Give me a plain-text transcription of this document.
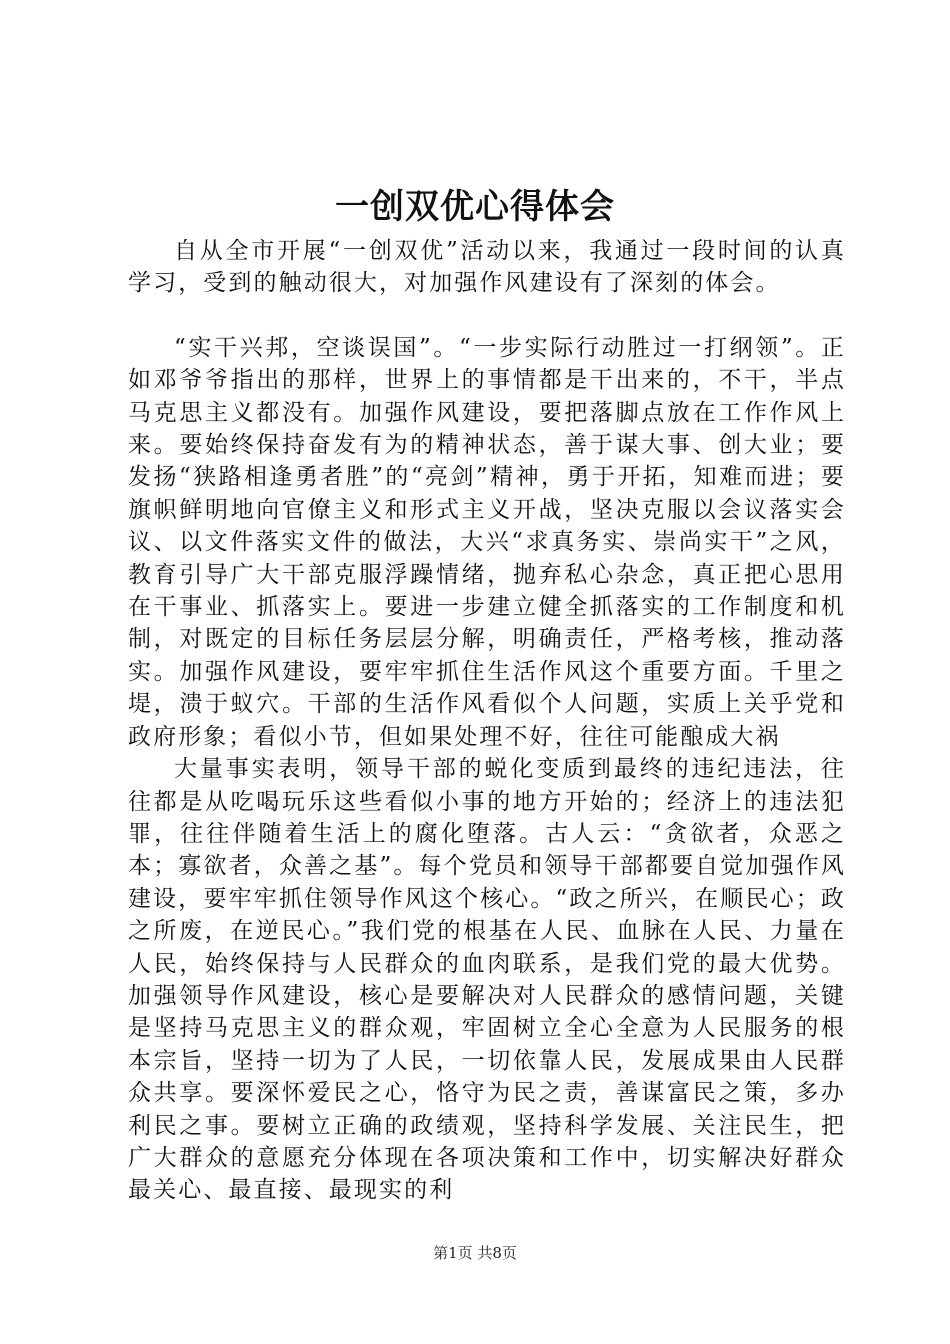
一创双优心得体会

自从全市开展“一创双优”活动以来，我通过一段时间的认真学习，受到的触动很大，对加强作风建设有了深刻的体会。

“实干兴邦，空谈误国”。“一步实际行动胜过一打纲领”。正如邓爷爷指出的那样，世界上的事情都是干出来的，不干，半点马克思主义都没有。加强作风建设，要把落脚点放在工作作风上来。要始终保持奋发有为的精神状态，善于谋大事、创大业；要发扬“狭路相逢勇者胜”的“亮剑”精神，勇于开拓，知难而进；要旗帜鲜明地向官僚主义和形式主义开战，坚决克服以会议落实会议、以文件落实文件的做法，大兴“求真务实、崇尚实干”之风，教育引导广大干部克服浮躁情绪，抛弃私心杂念，真正把心思用在干事业、抓落实上。要进一步建立健全抓落实的工作制度和机制，对既定的目标任务层层分解，明确责任，严格考核，推动落实。加强作风建设，要牢牢抓住生活作风这个重要方面。千里之堤，溃于蚁穴。干部的生活作风看似个人问题，实质上关乎党和政府形象；看似小节，但如果处理不好，往往可能酿成大祸

大量事实表明，领导干部的蜕化变质到最终的违纪违法，往往都是从吃喝玩乐这些看似小事的地方开始的；经济上的违法犯罪，往往伴随着生活上的腐化堕落。古人云：“贪欲者，众恶之本；寡欲者，众善之基”。每个党员和领导干部都要自觉加强作风建设，要牢牢抓住领导作风这个核心。“政之所兴，在顺民心；政之所废，在逆民心。”我们党的根基在人民、血脉在人民、力量在人民，始终保持与人民群众的血肉联系，是我们党的最大优势。加强领导作风建设，核心是要解决对人民群众的感情问题，关键是坚持马克思主义的群众观，牢固树立全心全意为人民服务的根本宗旨，坚持一切为了人民，一切依靠人民，发展成果由人民群众共享。要深怀爱民之心，恪守为民之责，善谋富民之策，多办利民之事。要树立正确的政绩观，坚持科学发展、关注民生，把广大群众的意愿充分体现在各项决策和工作中，切实解决好群众最关心、最直接、最现实的利

第1页 共8页
